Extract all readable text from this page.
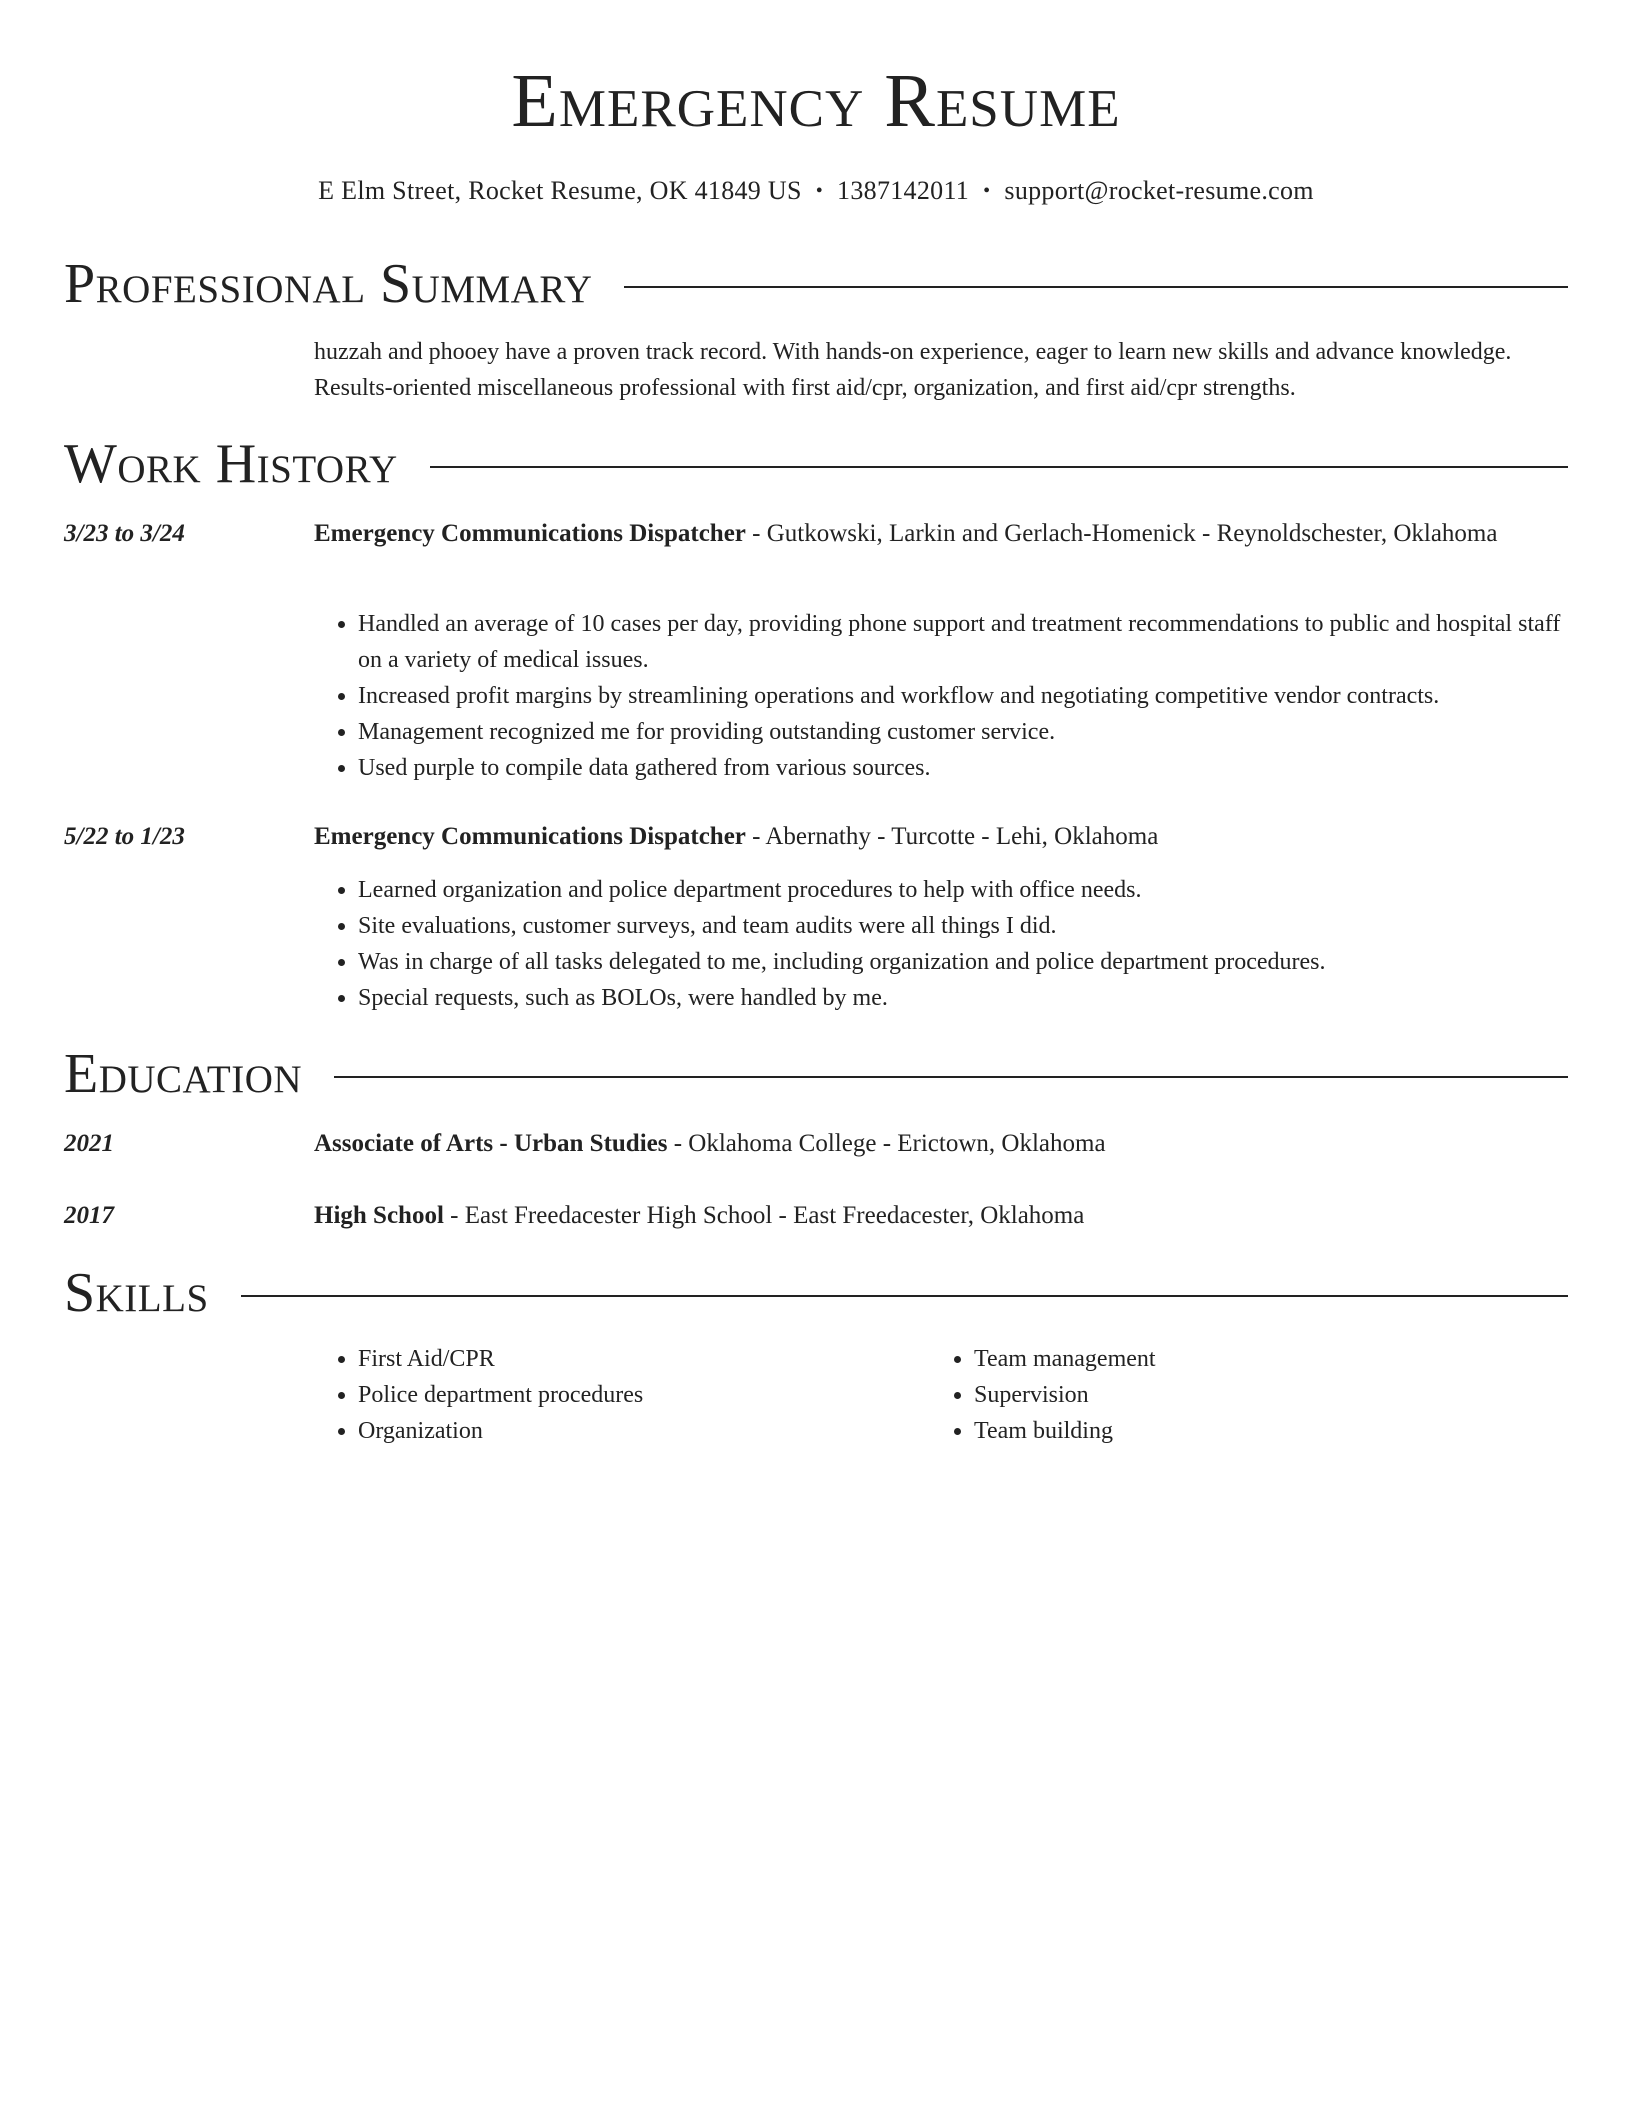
Emergency Resume
E Elm Street, Rocket Resume, OK 41849 US • 1387142011 • support@rocket-resume.com
Professional Summary
huzzah and phooey have a proven track record. With hands-on experience, eager to learn new skills and advance knowledge. Results-oriented miscellaneous professional with first aid/cpr, organization, and first aid/cpr strengths.
Work History
3/23 to 3/24	Emergency Communications Dispatcher - Gutkowski, Larkin and Gerlach-Homenick - Reynoldschester, Oklahoma
• Handled an average of 10 cases per day, providing phone support and treatment recommendations to public and hospital staff on a variety of medical issues.
• Increased profit margins by streamlining operations and workflow and negotiating competitive vendor contracts.
• Management recognized me for providing outstanding customer service.
• Used purple to compile data gathered from various sources.
5/22 to 1/23	Emergency Communications Dispatcher - Abernathy - Turcotte - Lehi, Oklahoma
• Learned organization and police department procedures to help with office needs.
• Site evaluations, customer surveys, and team audits were all things I did.
• Was in charge of all tasks delegated to me, including organization and police department procedures.
• Special requests, such as BOLOs, were handled by me.
Education
2021	Associate of Arts - Urban Studies - Oklahoma College - Erictown, Oklahoma
2017	High School - East Freedacester High School - East Freedacester, Oklahoma
Skills
• First Aid/CPR
• Police department procedures
• Organization
• Team management
• Supervision
• Team building
